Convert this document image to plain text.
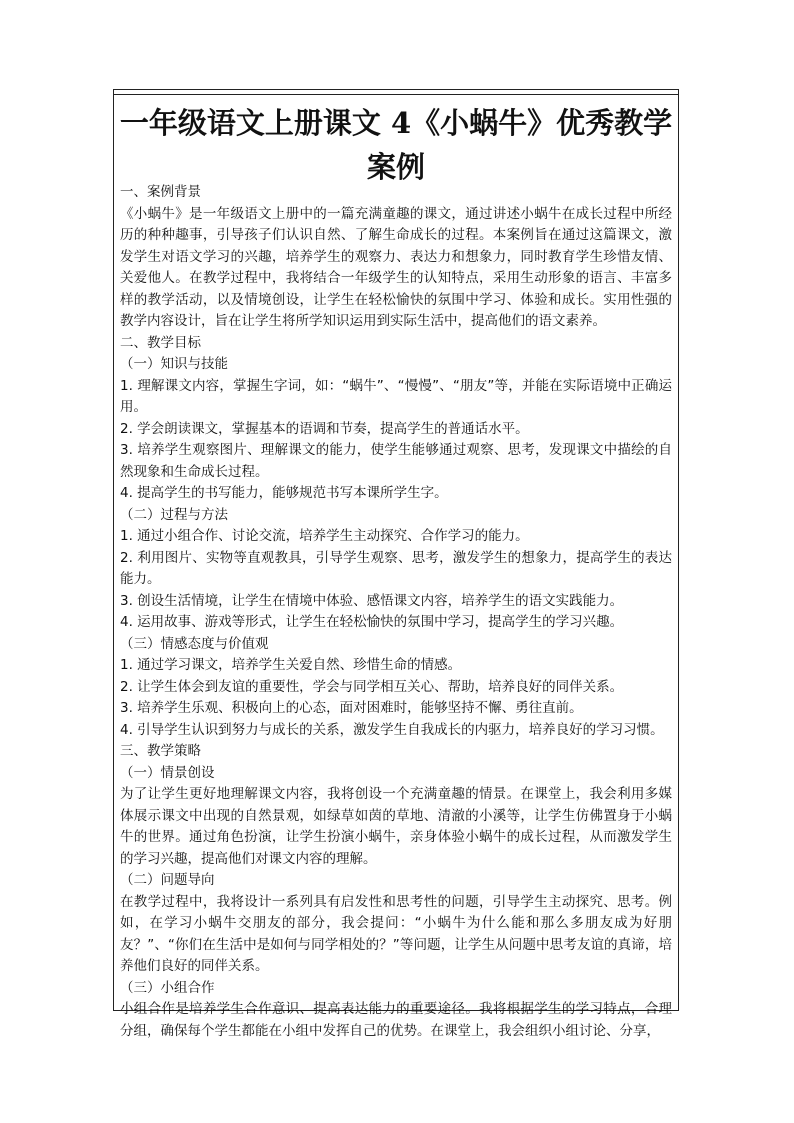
一年级语文上册课文 4《小蜗牛》优秀教学案例

一、案例背景

《小蜗牛》是一年级语文上册中的一篇充满童趣的课文，通过讲述小蜗牛在成长过程中所经历的种种趣事，引导孩子们认识自然、了解生命成长的过程。本案例旨在通过这篇课文，激发学生对语文学习的兴趣，培养学生的观察力、表达力和想象力，同时教育学生珍惜友情、关爱他人。在教学过程中，我将结合一年级学生的认知特点，采用生动形象的语言、丰富多样的教学活动，以及情境创设，让学生在轻松愉快的氛围中学习、体验和成长。实用性强的教学内容设计，旨在让学生将所学知识运用到实际生活中，提高他们的语文素养。

二、教学目标

（一）知识与技能

1. 理解课文内容，掌握生字词，如：“蜗牛”、“慢慢”、“朋友”等，并能在实际语境中正确运用。

2. 学会朗读课文，掌握基本的语调和节奏，提高学生的普通话水平。

3. 培养学生观察图片、理解课文的能力，使学生能够通过观察、思考，发现课文中描绘的自然现象和生命成长过程。

4. 提高学生的书写能力，能够规范书写本课所学生字。

（二）过程与方法

1. 通过小组合作、讨论交流，培养学生主动探究、合作学习的能力。

2. 利用图片、实物等直观教具，引导学生观察、思考，激发学生的想象力，提高学生的表达能力。

3. 创设生活情境，让学生在情境中体验、感悟课文内容，培养学生的语文实践能力。

4. 运用故事、游戏等形式，让学生在轻松愉快的氛围中学习，提高学生的学习兴趣。

（三）情感态度与价值观

1. 通过学习课文，培养学生关爱自然、珍惜生命的情感。

2. 让学生体会到友谊的重要性，学会与同学相互关心、帮助，培养良好的同伴关系。

3. 培养学生乐观、积极向上的心态，面对困难时，能够坚持不懈、勇往直前。

4. 引导学生认识到努力与成长的关系，激发学生自我成长的内驱力，培养良好的学习习惯。

三、教学策略

（一）情景创设

为了让学生更好地理解课文内容，我将创设一个充满童趣的情景。在课堂上，我会利用多媒体展示课文中出现的自然景观，如绿草如茵的草地、清澈的小溪等，让学生仿佛置身于小蜗牛的世界。通过角色扮演，让学生扮演小蜗牛，亲身体验小蜗牛的成长过程，从而激发学生的学习兴趣，提高他们对课文内容的理解。

（二）问题导向

在教学过程中，我将设计一系列具有启发性和思考性的问题，引导学生主动探究、思考。例如，在学习小蜗牛交朋友的部分，我会提问：“小蜗牛为什么能和那么多朋友成为好朋友？”、“你们在生活中是如何与同学相处的？”等问题，让学生从问题中思考友谊的真谛，培养他们良好的同伴关系。

（三）小组合作

小组合作是培养学生合作意识、提高表达能力的重要途径。我将根据学生的学习特点，合理分组，确保每个学生都能在小组中发挥自己的优势。在课堂上，我会组织小组讨论、分享，
